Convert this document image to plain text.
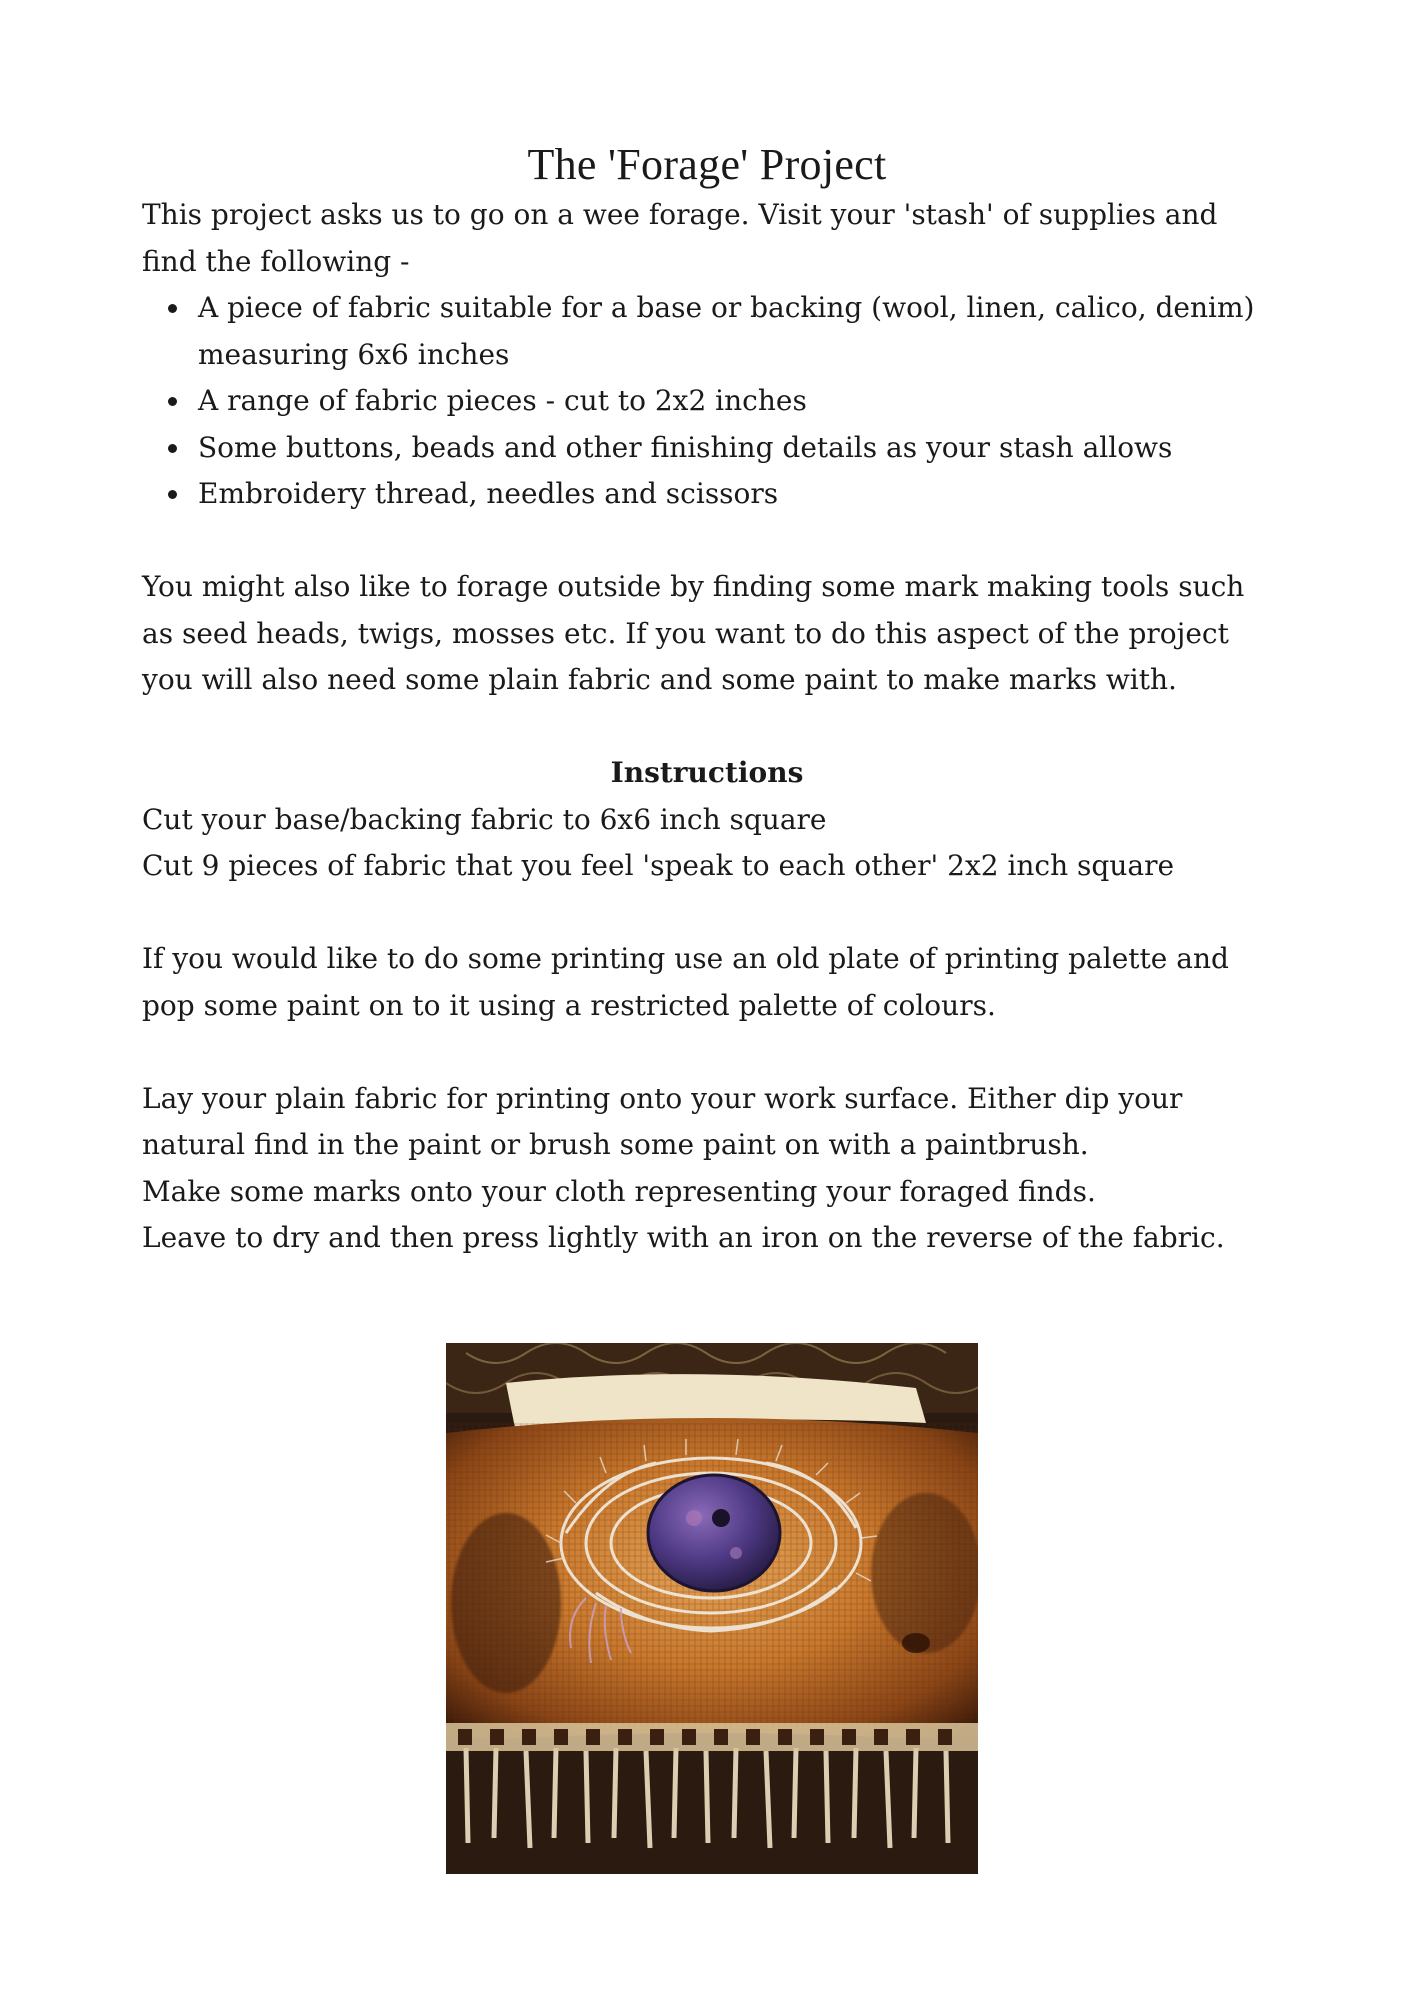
The 'Forage' Project

This project asks us to go on a wee forage. Visit your 'stash' of supplies and find the following -

A piece of fabric suitable for a base or backing (wool, linen, calico, denim) measuring 6x6 inches
A range of fabric pieces - cut to 2x2 inches
Some buttons, beads and other finishing details as your stash allows
Embroidery thread, needles and scissors

You might also like to forage outside by finding some mark making tools such as seed heads, twigs, mosses etc. If you want to do this aspect of the project you will also need some plain fabric and some paint to make marks with.

Instructions

Cut your base/backing fabric to 6x6 inch square

Cut 9 pieces of fabric that you feel 'speak to each other' 2x2 inch square

If you would like to do some printing use an old plate of printing palette and pop some paint on to it using a restricted palette of colours.

Lay your plain fabric for printing onto your work surface. Either dip your natural find in the paint or brush some paint on with a paintbrush.

Make some marks onto your cloth representing your foraged finds.

Leave to dry and then press lightly with an iron on the reverse of the fabric.
